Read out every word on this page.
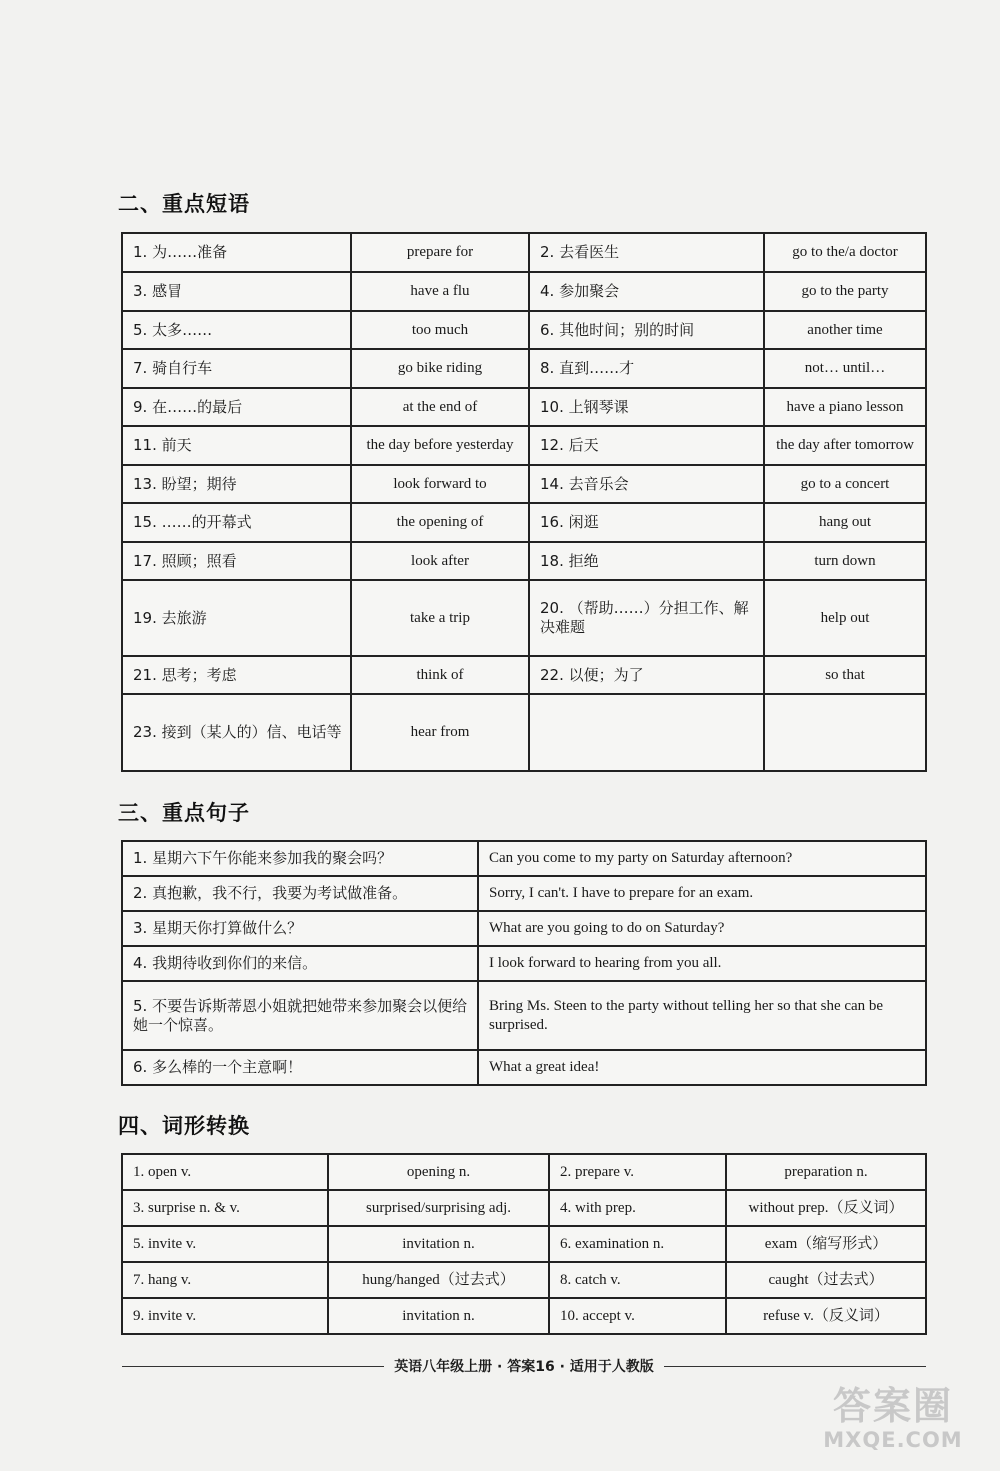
二、重点短语
1. 为……准备	prepare for	2. 去看医生	go to the/a doctor
3. 感冒	have a flu	4. 参加聚会	go to the party
5. 太多……	too much	6. 其他时间；别的时间	another time
7. 骑自行车	go bike riding	8. 直到……才	not… until…
9. 在……的最后	at the end of	10. 上钢琴课	have a piano lesson
11. 前天	the day before yesterday	12. 后天	the day after tomorrow
13. 盼望；期待	look forward to	14. 去音乐会	go to a concert
15. ……的开幕式	the opening of	16. 闲逛	hang out
17. 照顾；照看	look after	18. 拒绝	turn down
19. 去旅游	take a trip	20. （帮助……）分担工作、解决难题	help out
21. 思考；考虑	think of	22. 以便；为了	so that
23. 接到（某人的）信、电话等	hear from		
三、重点句子
1. 星期六下午你能来参加我的聚会吗？	Can you come to my party on Saturday afternoon?
2. 真抱歉，我不行，我要为考试做准备。	Sorry, I can't. I have to prepare for an exam.
3. 星期天你打算做什么？	What are you going to do on Saturday?
4. 我期待收到你们的来信。	I look forward to hearing from you all.
5. 不要告诉斯蒂恩小姐就把她带来参加聚会以便给她一个惊喜。	Bring Ms. Steen to the party without telling her so that she can be surprised.
6. 多么棒的一个主意啊！	What a great idea!
四、词形转换
1. open v.	opening n.	2. prepare v.	preparation n.
3. surprise n. & v.	surprised/surprising adj.	4. with prep.	without prep.（反义词）
5. invite v.	invitation n.	6. examination n.	exam（缩写形式）
7. hang v.	hung/hanged（过去式）	8. catch v.	caught（过去式）
9. invite v.	invitation n.	10. accept v.	refuse v.（反义词）
英语八年级上册 · 答案16 · 适用于人教版
答案圈
MXQE.COM
